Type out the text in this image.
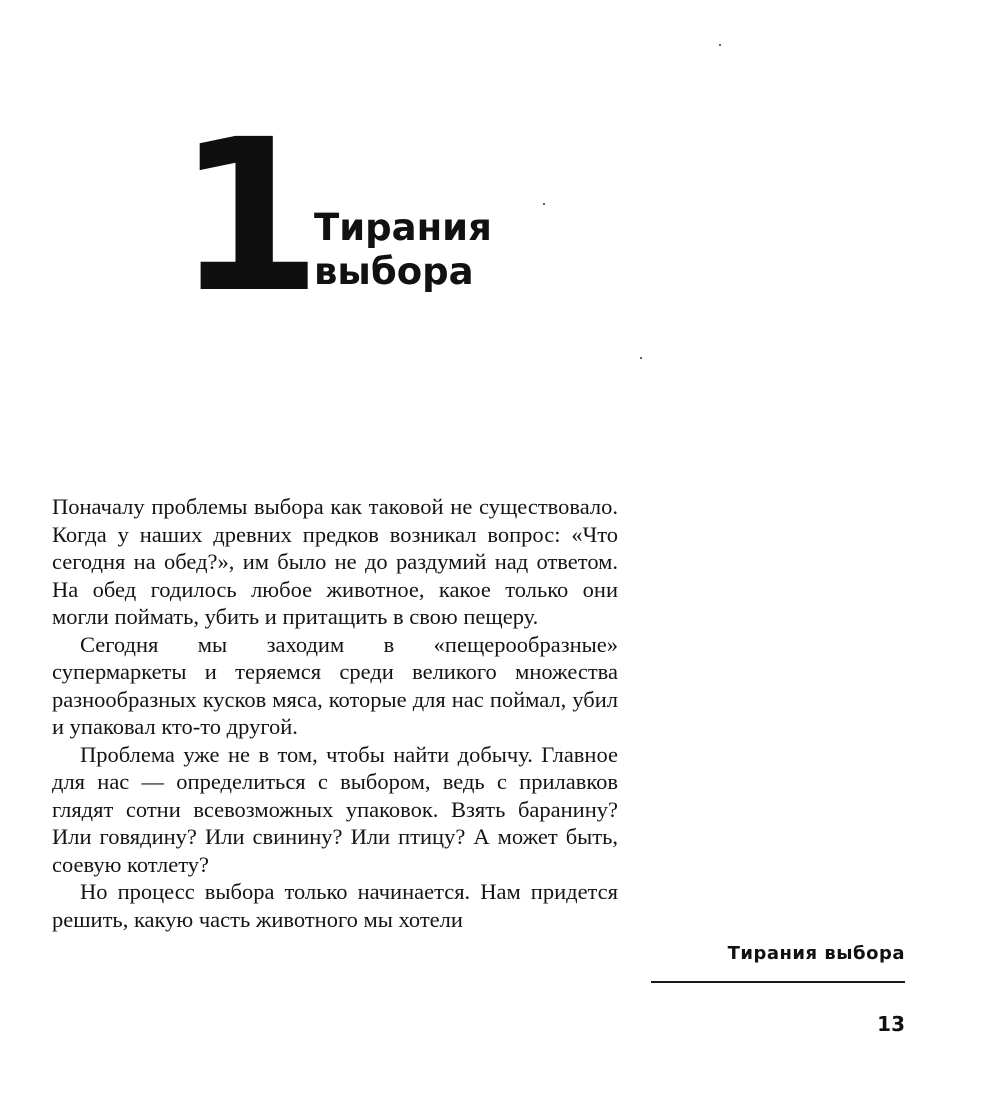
1
Тирания
выбора

Поначалу проблемы выбора как таковой не существовало. Когда у наших древних предков возникал вопрос: «Что сегодня на обед?», им было не до раздумий над ответом. На обед годилось любое животное, какое только они могли поймать, убить и притащить в свою пещеру.

Сегодня мы заходим в «пещерообразные» супермаркеты и теряемся среди великого множества разнообразных кусков мяса, которые для нас поймал, убил и упаковал кто-то другой.

Проблема уже не в том, чтобы найти добычу. Главное для нас — определиться с выбором, ведь с прилавков глядят сотни всевозможных упаковок. Взять баранину? Или говядину? Или свинину? Или птицу? А может быть, соевую котлету?

Но процесс выбора только начинается. Нам придется решить, какую часть животного мы хотели

Тирания выбора
13
